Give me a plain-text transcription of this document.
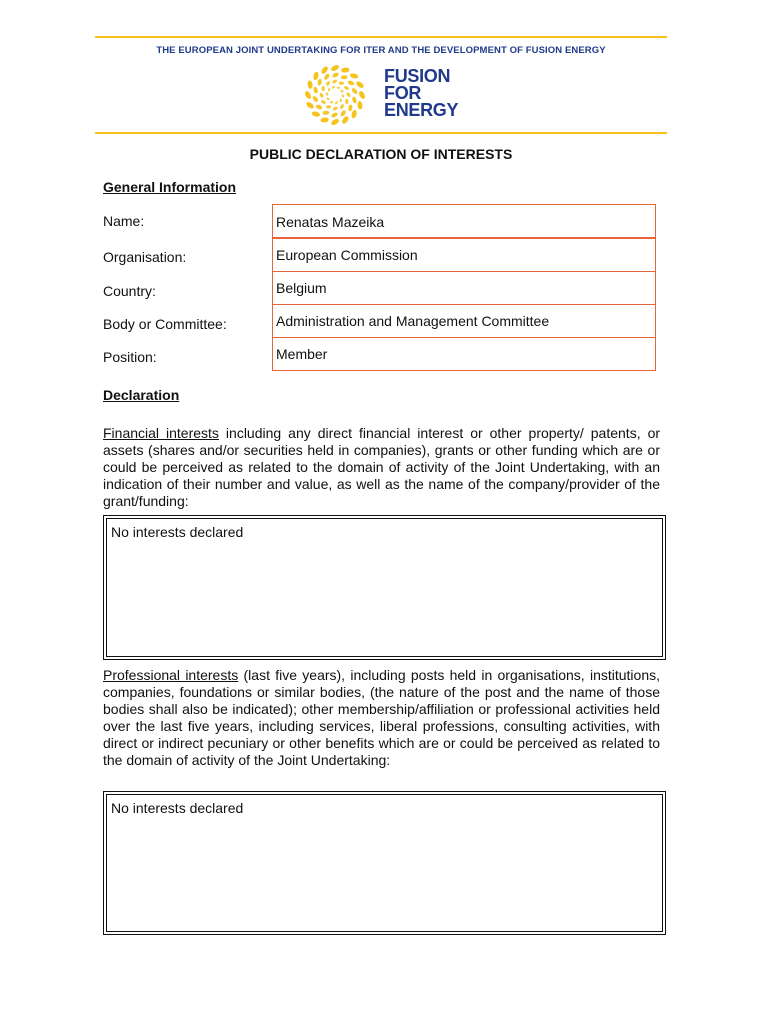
THE EUROPEAN JOINT UNDERTAKING FOR ITER AND THE DEVELOPMENT OF FUSION ENERGY
FUSION
FOR
ENERGY
PUBLIC DECLARATION OF INTERESTS
General Information
Name:	Renatas Mazeika
Organisation:	European Commission
Country:	Belgium
Body or Committee:	Administration and Management Committee
Position:	Member
Declaration
Financial interests including any direct financial interest or other property/ patents, or assets (shares and/or securities held in companies), grants or other funding which are or could be perceived as related to the domain of activity of the Joint Undertaking, with an indication of their number and value, as well as the name of the company/provider of the grant/funding:
No interests declared
Professional interests (last five years), including posts held in organisations, institutions, companies, foundations or similar bodies, (the nature of the post and the name of those bodies shall also be indicated); other membership/affiliation or professional activities held over the last five years, including services, liberal professions, consulting activities, with direct or indirect pecuniary or other benefits which are or could be perceived as related to the domain of activity of the Joint Undertaking:
No interests declared
